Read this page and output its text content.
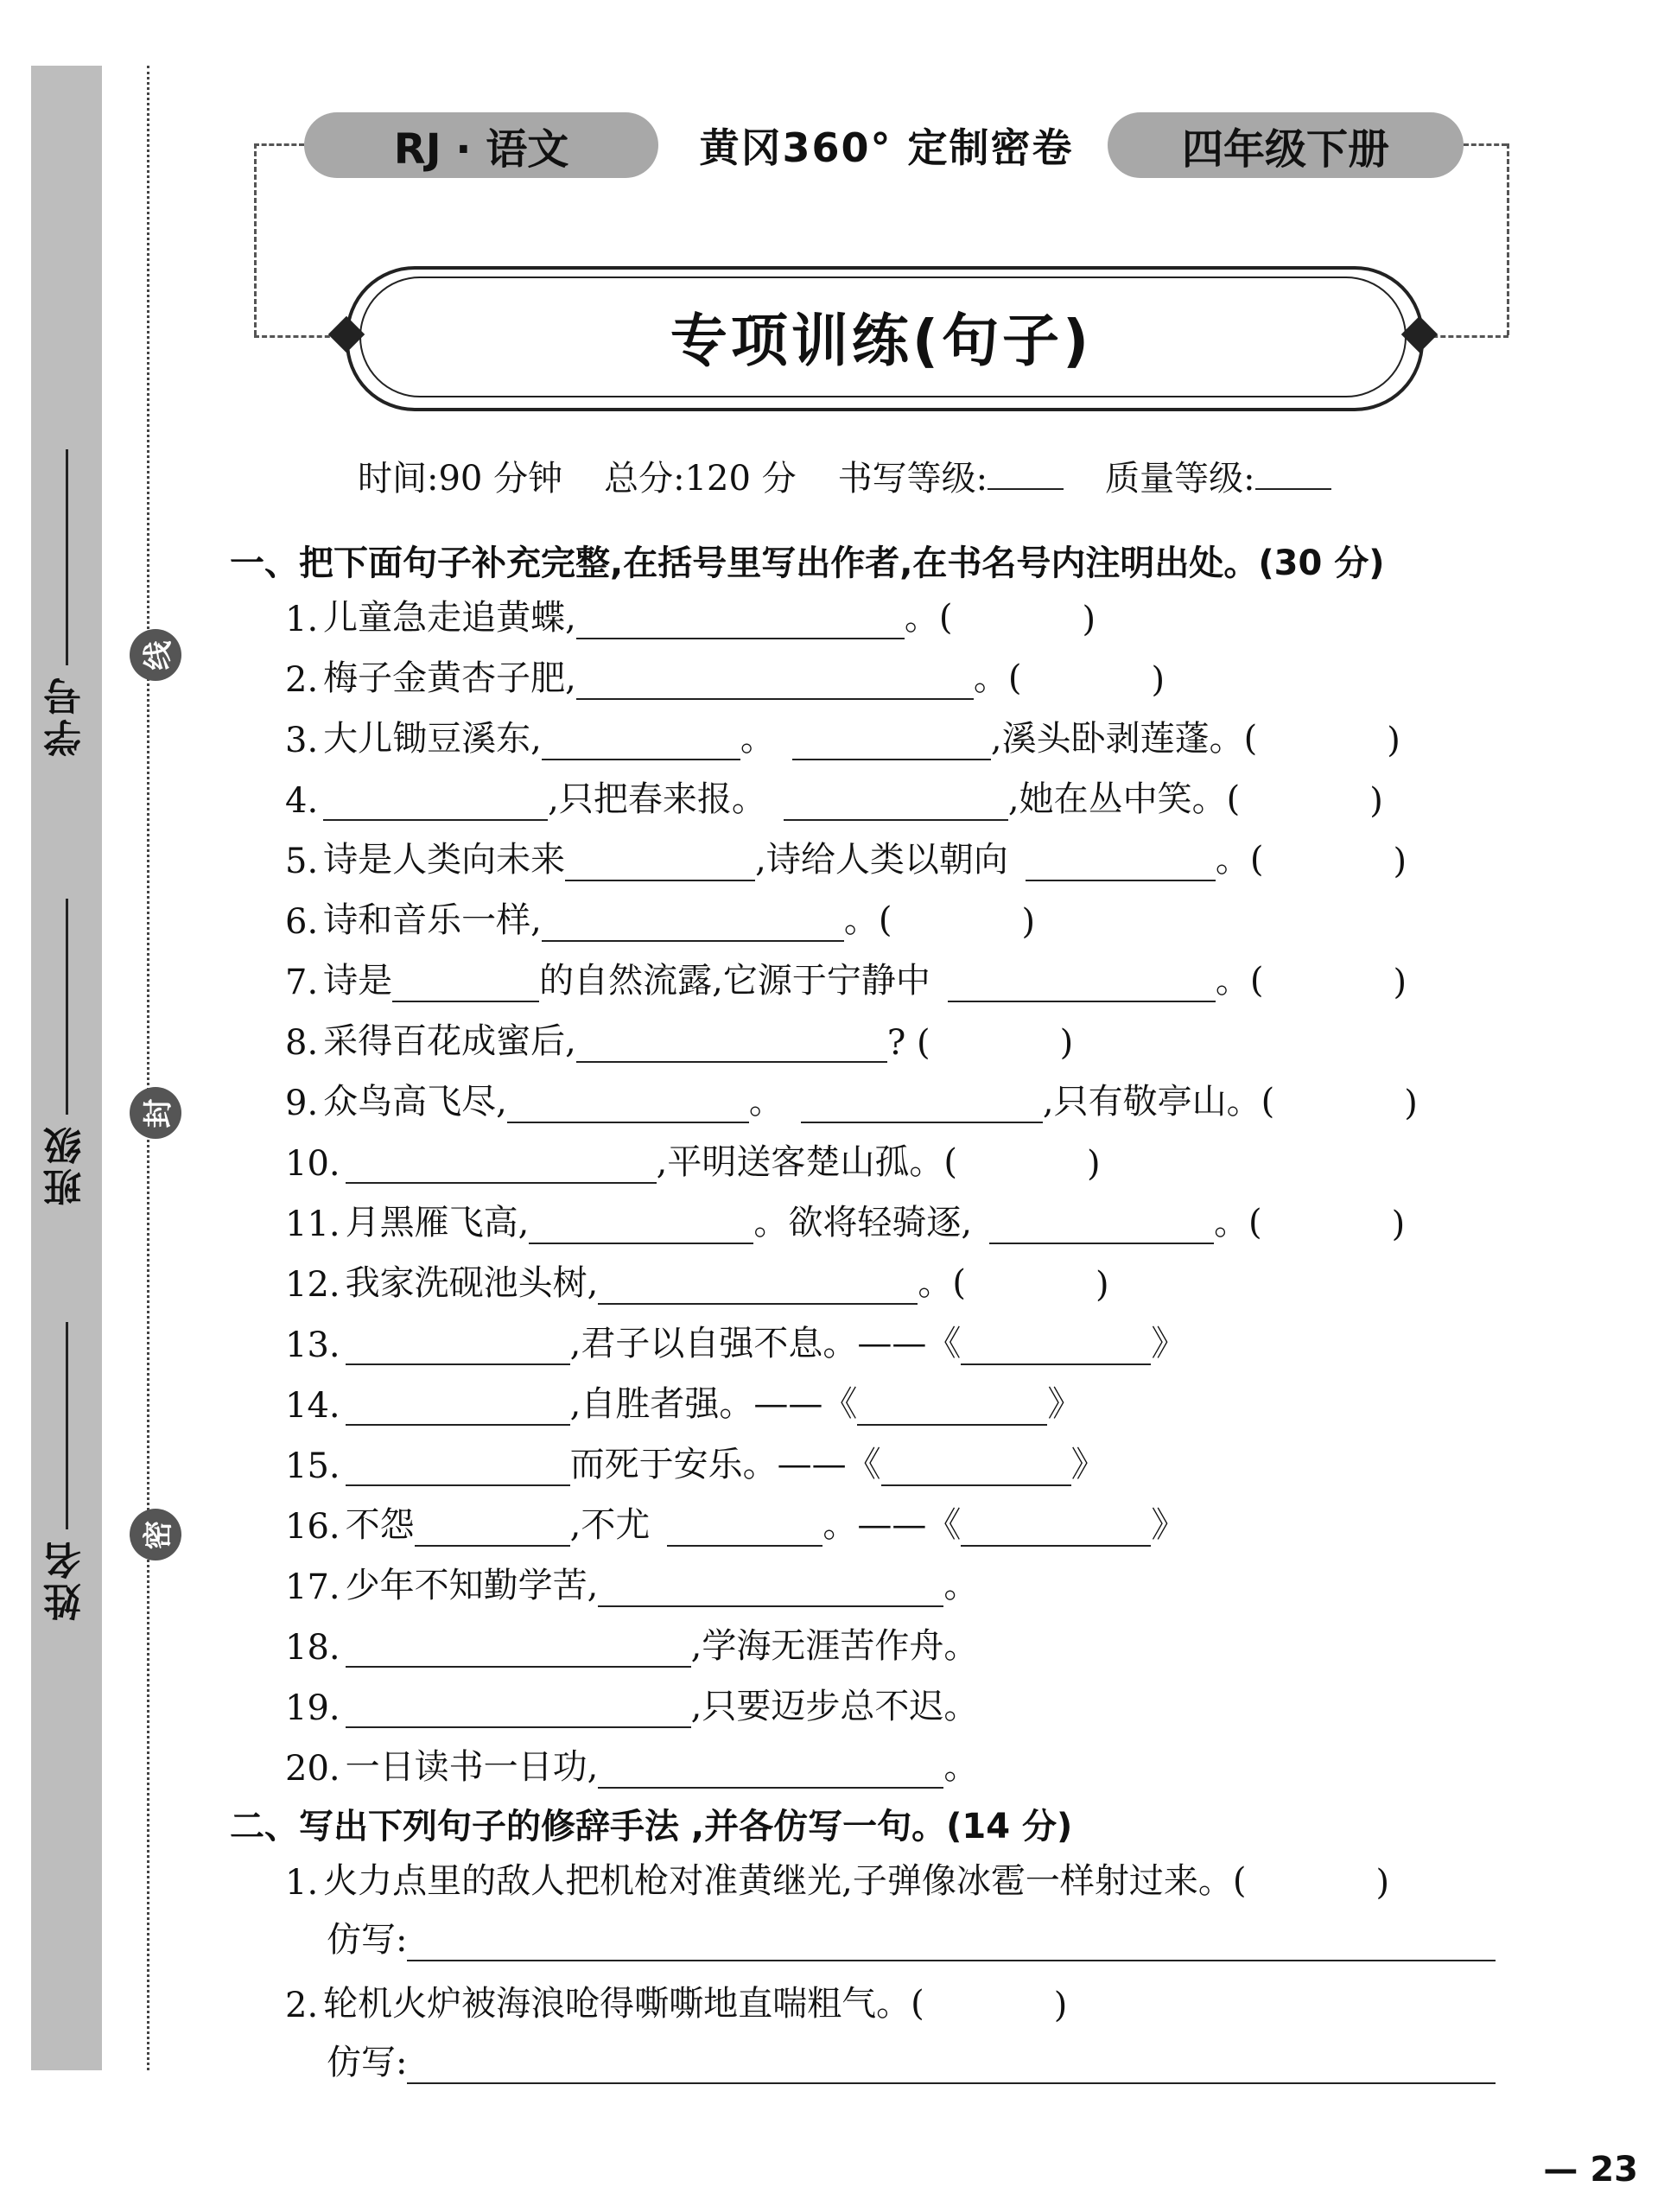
学号
班级
姓名
线
封
密
RJ · 语文	黄冈360° 定制密卷	四年级下册
专项训练(句子)
时间:90 分钟 总分:120 分 书写等级:	质量等级:
一、把下面句子补充完整,在括号里写出作者,在书名号内注明出处。(30 分)
1. 儿童急走追黄蝶,	。(	)
2. 梅子金黄杏子肥,	。(	)
3. 大儿锄豆溪东,	。	,溪头卧剥莲蓬。(	)
4.	,只把春来报。	,她在丛中笑。(	)
5. 诗是人类向未来	,诗给人类以朝向	。(	)
6. 诗和音乐一样,	。(	)
7. 诗是	的自然流露,它源于宁静中	。(	)
8. 采得百花成蜜后,	? (	)
9. 众鸟高飞尽,	。	,只有敬亭山。(	)
10.	,平明送客楚山孤。(	)
11. 月黑雁飞高,	。欲将轻骑逐,	。(	)
12. 我家洗砚池头树,	。(	)
13.	,君子以自强不息。——《	》
14.	,自胜者强。——《	》
15.	而死于安乐。——《	》
16. 不怨	,不尤	。——《	》
17. 少年不知勤学苦,	。
18.	,学海无涯苦作舟。
19.	,只要迈步总不迟。
20. 一日读书一日功,	。
二、写出下列句子的修辞手法 ,并各仿写一句。(14 分)
1. 火力点里的敌人把机枪对准黄继光,子弹像冰雹一样射过来。(	)
仿写:
2. 轮机火炉被海浪呛得嘶嘶地直喘粗气。(	)
仿写:
— 23
